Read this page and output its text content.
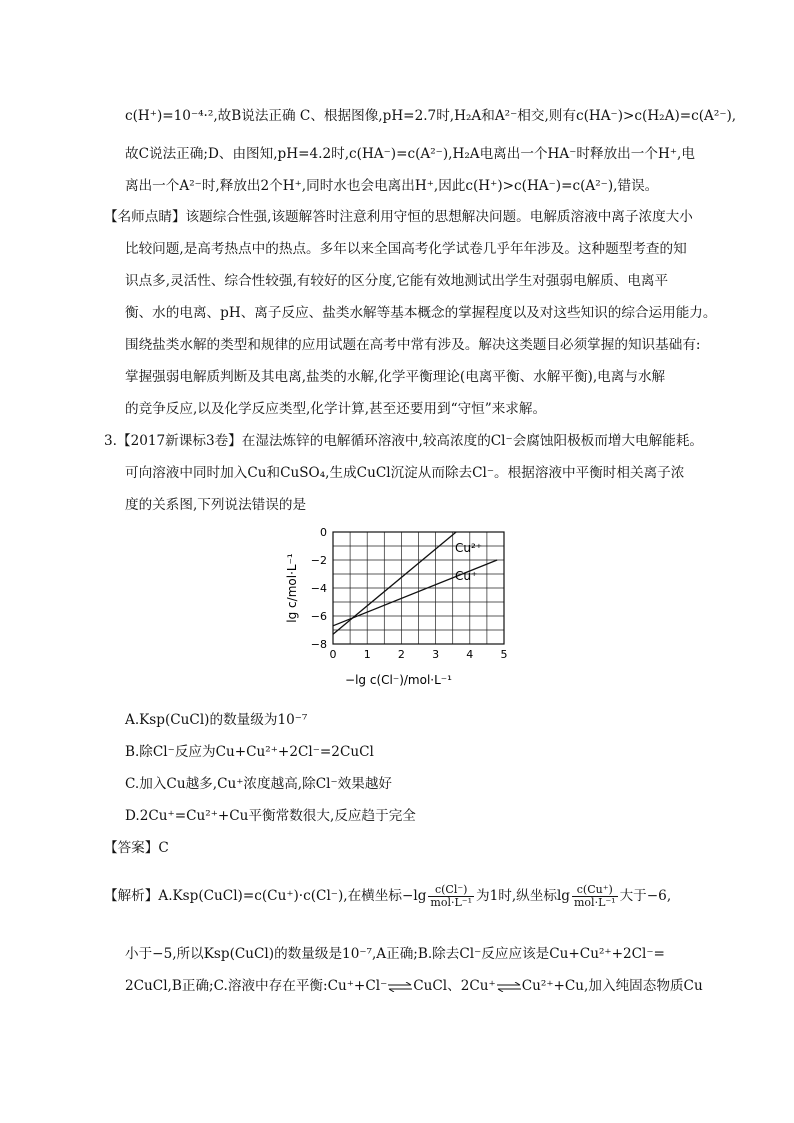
c(H⁺)=10⁻⁴·²,故B说法正确 C、根据图像,pH=2.7时,H₂A和A²⁻相交,则有c(HA⁻)>c(H₂A)=c(A²⁻),
故C说法正确;D、由图知,pH=4.2时,c(HA⁻)=c(A²⁻),H₂A电离出一个HA⁻时释放出一个H⁺,电
离出一个A²⁻时,释放出2个H⁺,同时水也会电离出H⁺,因此c(H⁺)>c(HA⁻)=c(A²⁻),错误。
【名师点睛】该题综合性强,该题解答时注意利用守恒的思想解决问题。电解质溶液中离子浓度大小
比较问题,是高考热点中的热点。多年以来全国高考化学试卷几乎年年涉及。这种题型考查的知
识点多,灵活性、综合性较强,有较好的区分度,它能有效地测试出学生对强弱电解质、电离平
衡、水的电离、pH、离子反应、盐类水解等基本概念的掌握程度以及对这些知识的综合运用能力。
围绕盐类水解的类型和规律的应用试题在高考中常有涉及。解决这类题目必须掌握的知识基础有:
掌握强弱电解质判断及其电离,盐类的水解,化学平衡理论(电离平衡、水解平衡),电离与水解
的竞争反应,以及化学反应类型,化学计算,甚至还要用到“守恒”来求解。
3.【2017新课标3卷】在湿法炼锌的电解循环溶液中,较高浓度的Cl⁻会腐蚀阳极板而增大电解能耗。
可向溶液中同时加入Cu和CuSO₄,生成CuCl沉淀从而除去Cl⁻。根据溶液中平衡时相关离子浓
度的关系图,下列说法错误的是
0
−2
−4
−6
−8
0 1 2 3 4 5
Cu²⁺
Cu⁺
lg c/mol·L⁻¹
−lg c(Cl⁻)/mol·L⁻¹
A.Ksp(CuCl)的数量级为10⁻⁷
B.除Cl⁻反应为Cu+Cu²⁺+2Cl⁻=2CuCl
C.加入Cu越多,Cu⁺浓度越高,除Cl⁻效果越好
D.2Cu⁺=Cu²⁺+Cu平衡常数很大,反应趋于完全
【答案】C
【解析】A.Ksp(CuCl)=c(Cu⁺)·c(Cl⁻),在横坐标$-\lg \frac{c(Cl^-)}{\text{mol·L⁻¹}}$ 为1时,纵坐标$\lg \frac{c(Cu^+)}{\text{mol·L⁻¹}}$ 大于−6,
小于−5,所以Ksp(CuCl)的数量级是10⁻⁷,A正确;B.除去Cl⁻反应应该是Cu+Cu²⁺+2Cl⁻=
2CuCl,B正确;C.溶液中存在平衡:Cu⁺+Cl⁻⇌CuCl、2Cu⁺⇌Cu²⁺+Cu,加入纯固态物质Cu
